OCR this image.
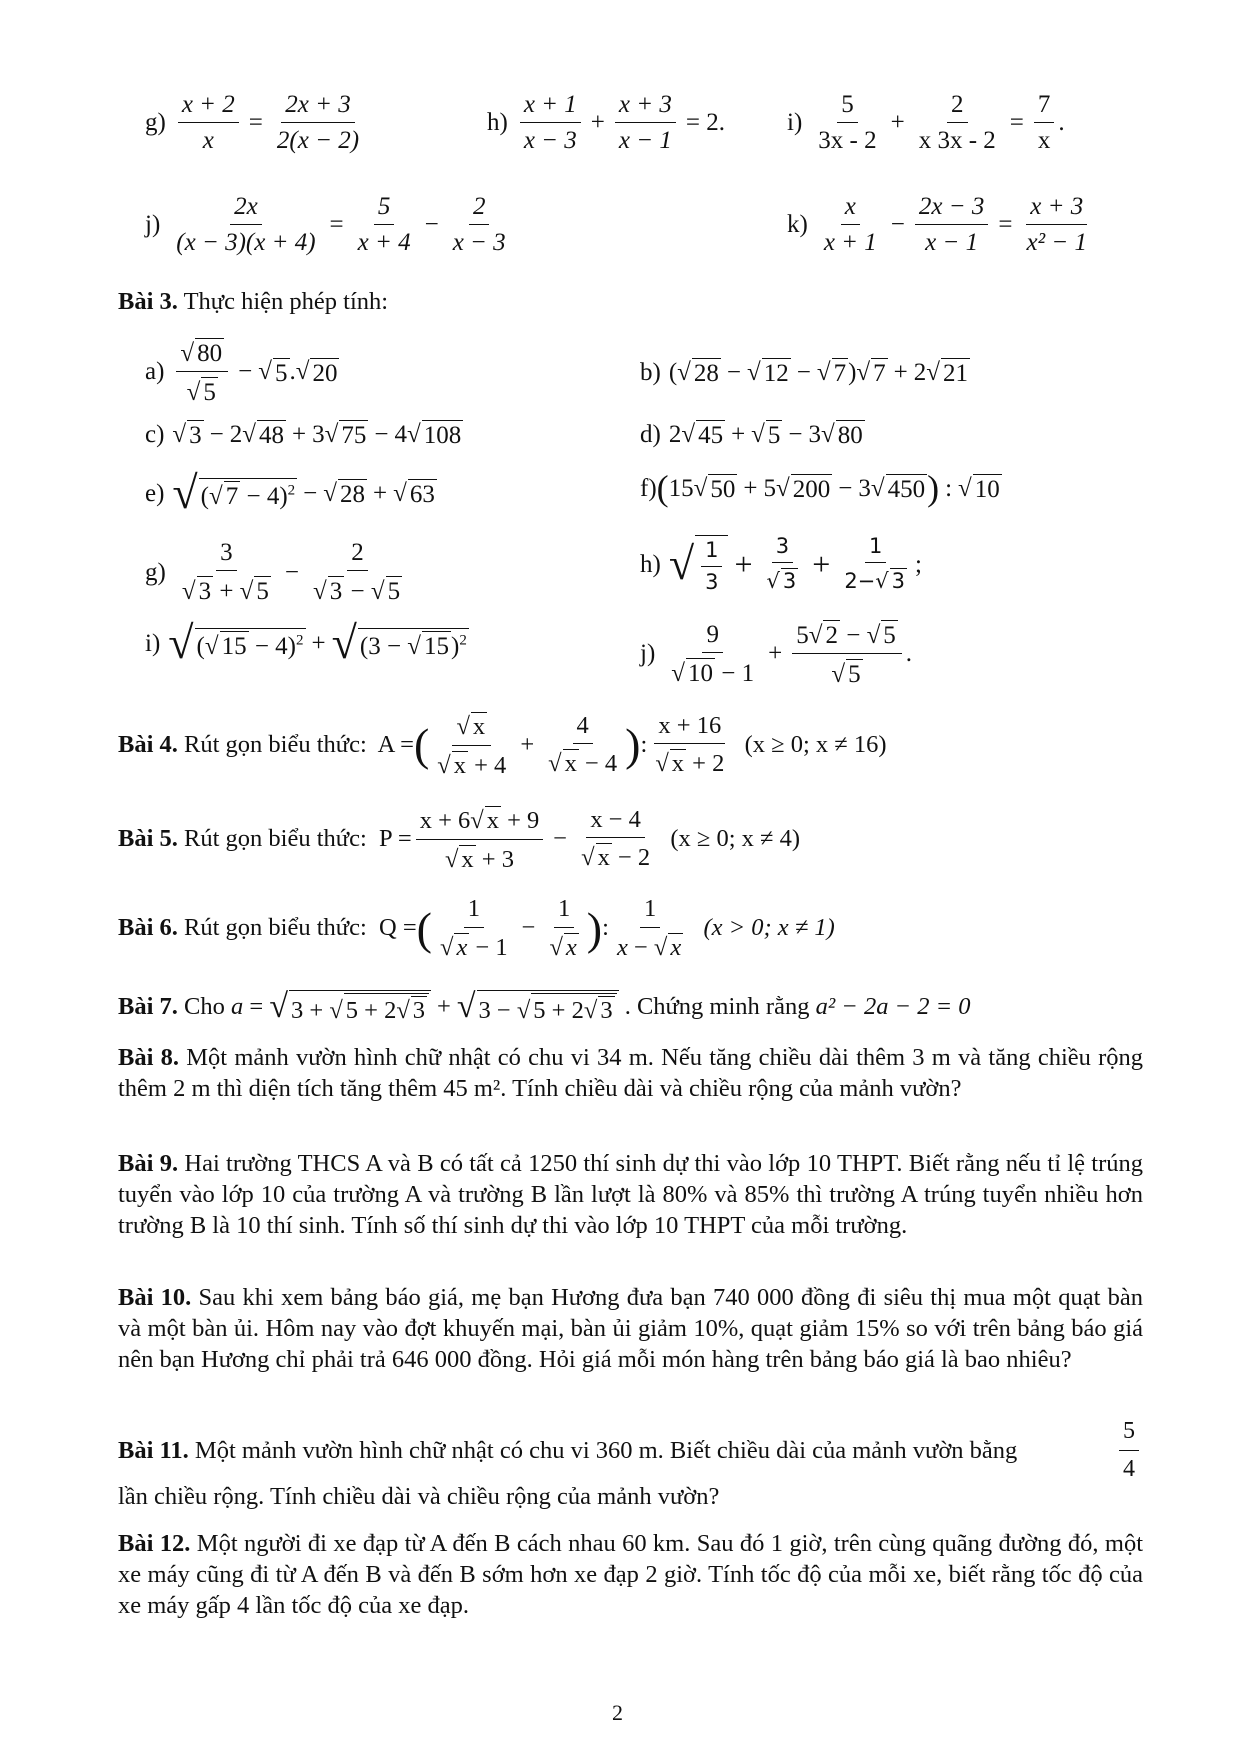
$g) \frac{x + 2}{x} = \frac{2x + 3}{2(x - 2)}$	$h) \frac{x + 1}{x - 3} + \frac{x + 3}{x - 1} = 2$. $i) \frac{5}{3x - 2} + \frac{2}{x 3x - 2} = \frac{7}{x}$ .
$j) \frac{2x}{(x - 3)(x + 4)} = \frac{5}{x + 4} - \frac{2}{x - 3}$	$k) \frac{x}{x + 1} - \frac{2x - 3}{x - 1} = \frac{x + 3}{\text{x² − 1}}$
Bài 3. Thực hiện phép tính:
$a) \frac{√ 80}{√ 5}$ − √ 5 .√ 20	b) (√ 28 − √ 12 − √ 7 )√ 7 + 2√ 21
c) √ 3 − 2√ 48 + 3√ 75 − 4√ 108	d) 2√ 45 + √ 5 − 3√ 80
e) √ (√ 7 − 4)$^2$ − √ 28 + √ 63	f) ( 15√ 50 + 5√ 200 − 3√ 450 ) : √ 10
$g) \frac{3}{√ 3 + √ 5} - \frac{2}{√ 3 - √ 5}$	h) √ $\frac{1}{3} + \frac{3}{√ 3} + \frac{1}{2-√ 3}$ ;
i) √ (√ 15 − 4)$^2$ + √ (3 − √ 15)$^2$	$j) \frac{9}{√ 10 - 1} + \frac{5√ 2 - √ 5}{√ 5}$ .
Bài 4.
Rút gọn biểu thức: A = ( $\frac{√ x}{√ x + 4} + \frac{4}{√ x - 4}$ ) : $\frac{x + 16}{√ x + 2}$
(x ≥ 0; x ≠ 16)
Bài 5.
Rút gọn biểu thức: $P = \frac{x + 6√ x + 9}{√ x + 3} - \frac{x - 4}{√ x - 2}$
(x ≥ 0; x ≠ 4)
Bài 6.
Rút gọn biểu thức: Q = ( $\frac{1}{√ x - 1} - \frac{1}{√ x}$ ) : $\frac{1}{x - √ x}$
(x > 0; x ≠ 1)
Bài 7.
Cho
a = √ 3 + √ 5 + 2√ 3 + √ 3 − √ 5 + 2√ 3
. Chứng minh rằng
a² − 2a − 2 = 0
Bài 8. Một mảnh vườn hình chữ nhật có chu vi 34 m. Nếu tăng chiều dài thêm 3 m và tăng chiều rộng thêm 2 m thì diện tích tăng thêm 45 m². Tính chiều dài và chiều rộng của mảnh vườn?
Bài 9. Hai trường THCS A và B có tất cả 1250 thí sinh dự thi vào lớp 10 THPT. Biết rằng nếu tỉ lệ trúng tuyển vào lớp 10 của trường A và trường B lần lượt là 80% và 85% thì trường A trúng tuyển nhiều hơn trường B là 10 thí sinh. Tính số thí sinh dự thi vào lớp 10 THPT của mỗi trường.
Bài 10. Sau khi xem bảng báo giá, mẹ bạn Hương đưa bạn 740 000 đồng đi siêu thị mua một quạt bàn và một bàn ủi. Hôm nay vào đợt khuyến mại, bàn ủi giảm 10%, quạt giảm 15% so với trên bảng báo giá nên bạn Hương chỉ phải trả 646 000 đồng. Hỏi giá mỗi món hàng trên bảng báo giá là bao nhiêu?
Bài 11. Một mảnh vườn hình chữ nhật có chu vi 360 m. Biết chiều dài của mảnh vườn bằng	$\frac{5}{4}$
lần chiều rộng. Tính chiều dài và chiều rộng của mảnh vườn?
Bài 12. Một người đi xe đạp từ A đến B cách nhau 60 km. Sau đó 1 giờ, trên cùng quãng đường đó, một xe máy cũng đi từ A đến B và đến B sớm hơn xe đạp 2 giờ. Tính tốc độ của mỗi xe, biết rằng tốc độ của xe máy gấp 4 lần tốc độ của xe đạp.
2
